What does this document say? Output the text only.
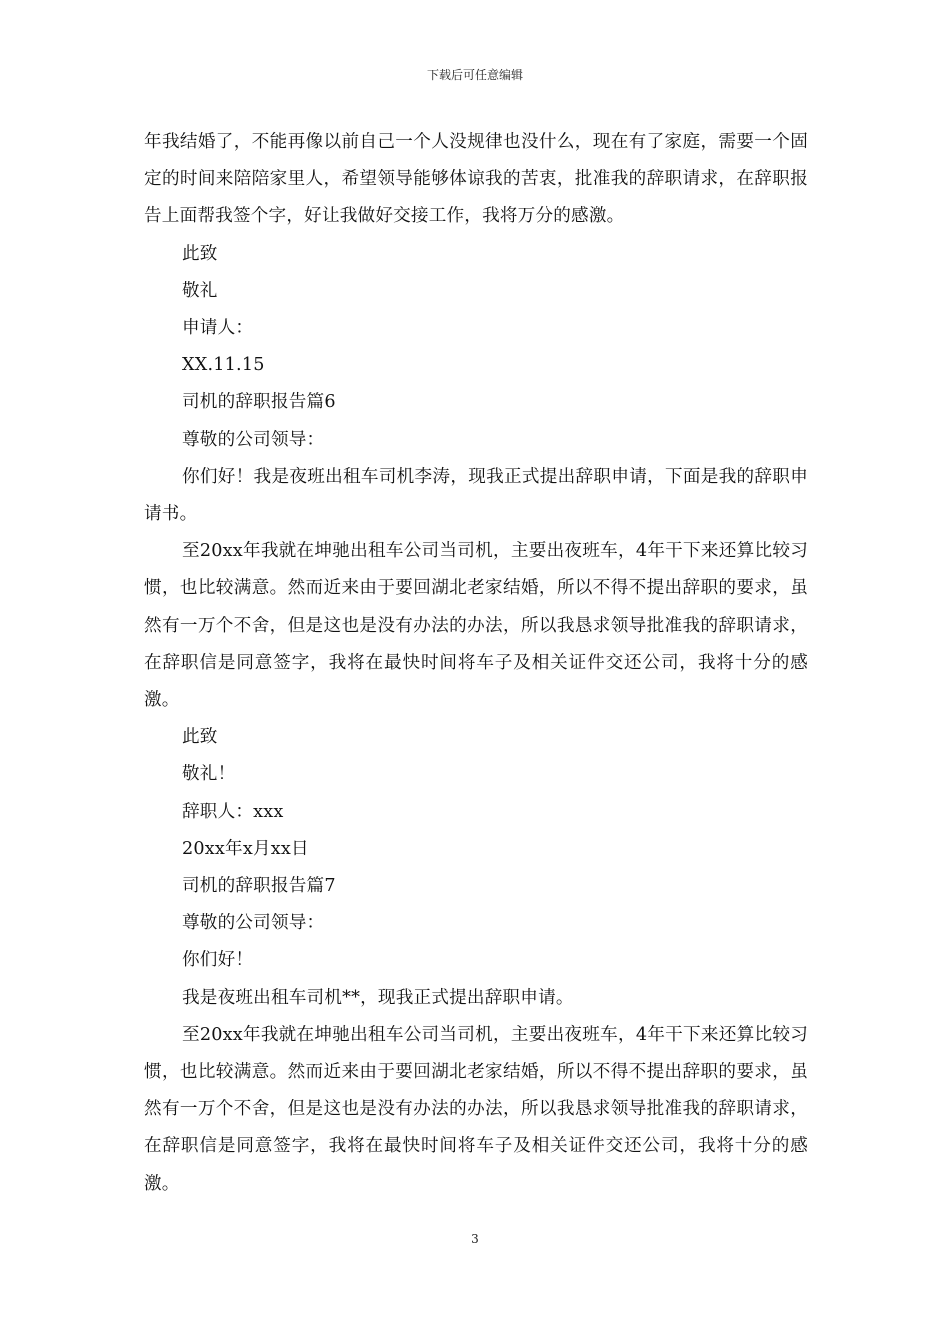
下载后可任意编辑

年我结婚了，不能再像以前自己一个人没规律也没什么，现在有了家庭，需要一个固定的时间来陪陪家里人，希望领导能够体谅我的苦衷，批准我的辞职请求，在辞职报告上面帮我签个字，好让我做好交接工作，我将万分的感激。

此致

敬礼

申请人：

XX.11.15

司机的辞职报告篇6

尊敬的公司领导：

你们好！我是夜班出租车司机李涛，现我正式提出辞职申请，下面是我的辞职申请书。

至20xx年我就在坤驰出租车公司当司机，主要出夜班车，4年干下来还算比较习惯，也比较满意。然而近来由于要回湖北老家结婚，所以不得不提出辞职的要求，虽然有一万个不舍，但是这也是没有办法的办法，所以我恳求领导批准我的辞职请求，在辞职信是同意签字，我将在最快时间将车子及相关证件交还公司，我将十分的感激。

此致

敬礼！

辞职人：xxx

20xx年x月xx日

司机的辞职报告篇7

尊敬的公司领导：

你们好！

我是夜班出租车司机**，现我正式提出辞职申请。

至20xx年我就在坤驰出租车公司当司机，主要出夜班车，4年干下来还算比较习惯，也比较满意。然而近来由于要回湖北老家结婚，所以不得不提出辞职的要求，虽然有一万个不舍，但是这也是没有办法的办法，所以我恳求领导批准我的辞职请求，在辞职信是同意签字，我将在最快时间将车子及相关证件交还公司，我将十分的感激。

3
